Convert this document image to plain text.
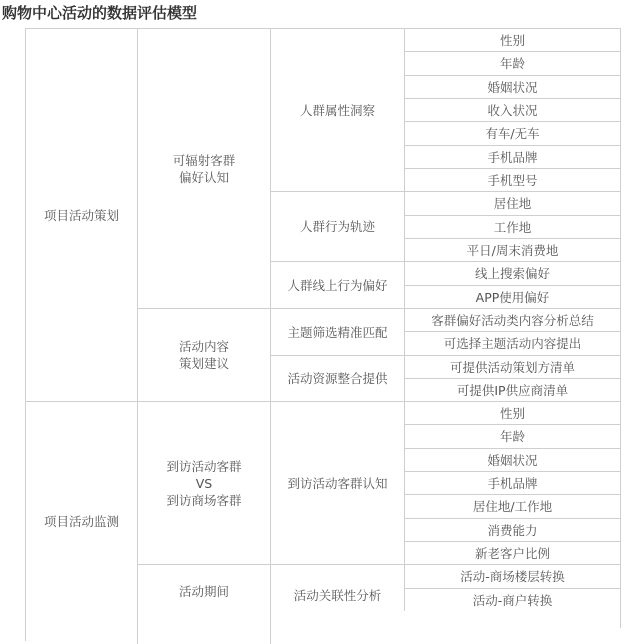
购物中心活动的数据评估模型
项目活动策划
项目活动监测
可辐射客群
偏好认知
活动内容
策划建议
到访活动客群
VS
到访商场客群
活动期间
人群属性洞察
人群行为轨迹
人群线上行为偏好
主题筛选精准匹配
活动资源整合提供
到访活动客群认知
活动关联性分析
性别
年龄
婚姻状况
收入状况
有车/无车
手机品牌
手机型号
居住地
工作地
平日/周末消费地
线上搜索偏好
APP使用偏好
客群偏好活动类内容分析总结
可选择主题活动内容提出
可提供活动策划方清单
可提供IP供应商清单
性别
年龄
婚姻状况
手机品牌
居住地/工作地
消费能力
新老客户比例
活动-商场楼层转换
活动-商户转换
